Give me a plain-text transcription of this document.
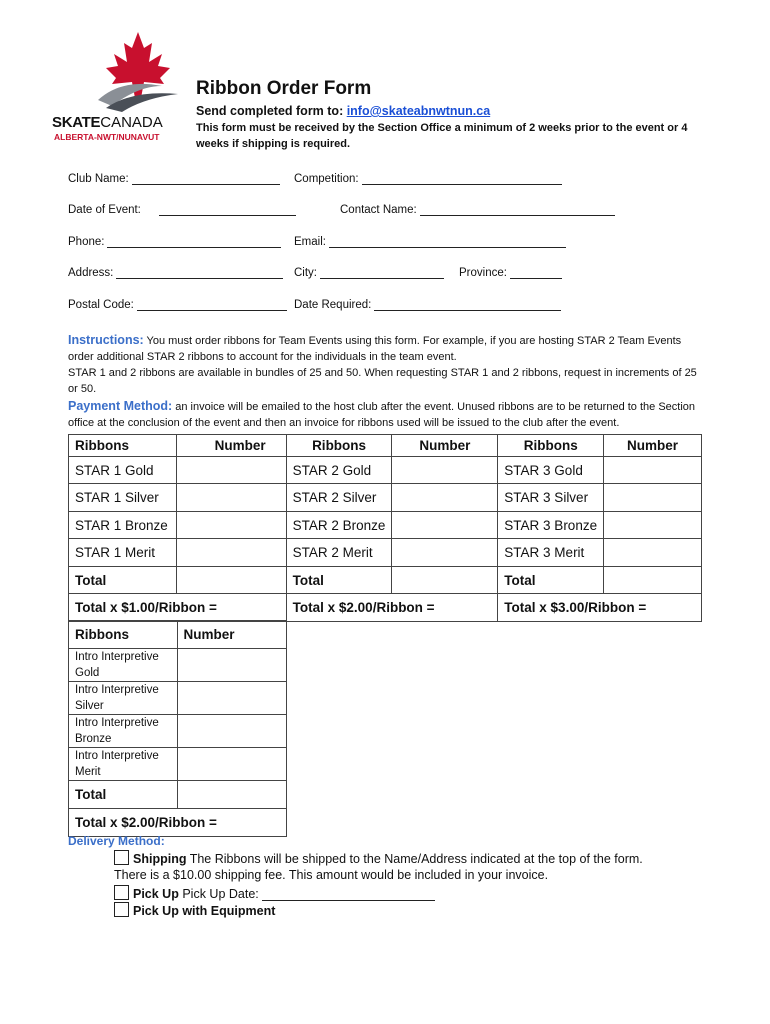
SKATECANADA
ALBERTA-NWT/NUNAVUT
Ribbon Order Form
Send completed form to: info@skateabnwtnun.ca
This form must be received by the Section Office a minimum of 2 weeks prior to the event or 4 weeks if shipping is required.
Club Name:	Competition:
Date of Event:	Contact Name:
Phone:	Email:
Address:	City:	Province:
Postal Code:	Date Required:
Instructions: You must order ribbons for Team Events using this form. For example, if you are hosting STAR 2 Team Events order additional STAR 2 ribbons to account for the individuals in the team event.
STAR 1 and 2 ribbons are available in bundles of 25 and 50. When requesting STAR 1 and 2 ribbons, request in increments of 25 or 50.
Payment Method: an invoice will be emailed to the host club after the event. Unused ribbons are to be returned to the Section office at the conclusion of the event and then an invoice for ribbons used will be issued to the club after the event.
Ribbons	Number	Ribbons	Number	Ribbons	Number
STAR 1 Gold		STAR 2 Gold		STAR 3 Gold	
STAR 1 Silver		STAR 2 Silver		STAR 3 Silver	
STAR 1 Bronze		STAR 2 Bronze		STAR 3 Bronze	
STAR 1 Merit		STAR 2 Merit		STAR 3 Merit	
Total		Total		Total	
Total x $1.00/Ribbon =		Total x $2.00/Ribbon =		Total x $3.00/Ribbon =	
Ribbons	Number
Intro Interpretive Gold	
Intro Interpretive Silver	
Intro Interpretive Bronze	
Intro Interpretive Merit	
Total	
Total x $2.00/Ribbon =	
Delivery Method:
Shipping The Ribbons will be shipped to the Name/Address indicated at the top of the form.
There is a $10.00 shipping fee. This amount would be included in your invoice.
Pick Up Pick Up Date:
Pick Up with Equipment
